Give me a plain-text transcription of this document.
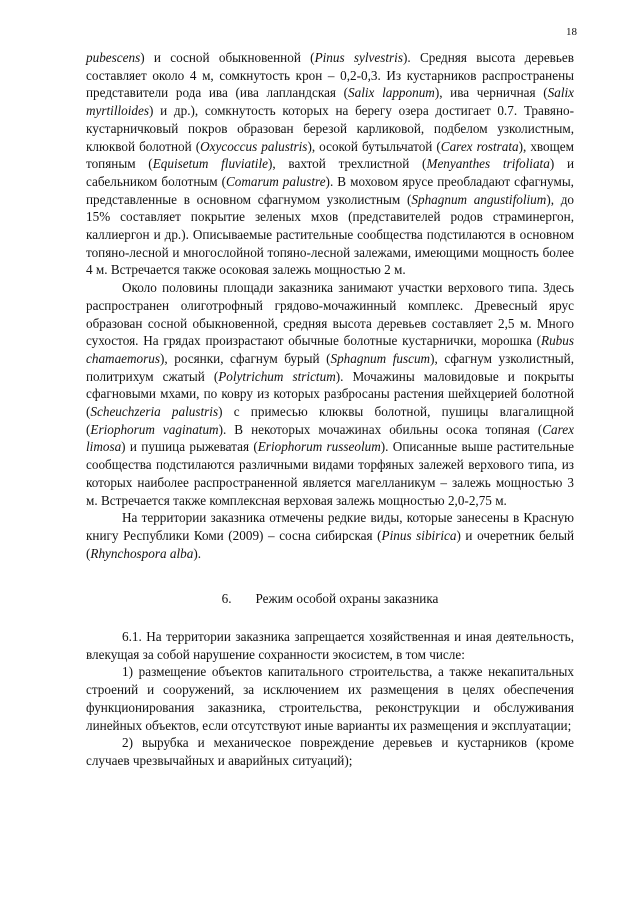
18

pubescens) и сосной обыкновенной (Pinus sylvestris). Средняя высота деревьев составляет около 4 м, сомкнутость крон – 0,2-0,3. Из кустарников распространены представители рода ива (ива лапландская (Salix lapponum), ива черничная (Salix myrtilloides) и др.), сомкнутость которых на берегу озера достигает 0.7. Травяно-кустарничковый покров образован березой карликовой, подбелом узколистным, клюквой болотной (Oxycoccus palustris), осокой бутыльчатой (Carex rostrata), хвощем топяным (Equisetum fluviatile), вахтой трехлистной (Menyanthes trifoliata) и сабельником болотным (Comarum palustre). В моховом ярусе преобладают сфагнумы, представленные в основном сфагнумом узколистным (Sphagnum angustifolium), до 15% составляет покрытие зеленых мхов (представителей родов страминергон, каллиергон и др.). Описываемые растительные сообщества подстилаются в основном топяно-лесной и многослойной топяно-лесной залежами, имеющими мощность более 4 м. Встречается также осоковая залежь мощностью 2 м.

Около половины площади заказника занимают участки верхового типа. Здесь распространен олиготрофный грядово-мочажинный комплекс. Древесный ярус образован сосной обыкновенной, средняя высота деревьев составляет 2,5 м. Много сухостоя. На грядах произрастают обычные болотные кустарнички, морошка (Rubus chamaemorus), росянки, сфагнум бурый (Sphagnum fuscum), сфагнум узколистный, политрихум сжатый (Polytrichum strictum). Мочажины маловидовые и покрыты сфагновыми мхами, по ковру из которых разбросаны растения шейхцерией болотной (Scheuchzeria palustris) с примесью клюквы болотной, пушицы влагалищной (Eriophorum vaginatum). В некоторых мочажинах обильны осока топяная (Carex limosa) и пушица рыжеватая (Eriophorum russeolum). Описанные выше растительные сообщества подстилаются различными видами торфяных залежей верхового типа, из которых наиболее распространенной является магелланикум – залежь мощностью 3 м. Встречается также комплексная верховая залежь мощностью 2,0-2,75 м.

На территории заказника отмечены редкие виды, которые занесены в Красную книгу Республики Коми (2009) – сосна сибирская (Pinus sibirica) и очеретник белый (Rhynchospora alba).

6. Режим особой охраны заказника

6.1. На территории заказника запрещается хозяйственная и иная деятельность, влекущая за собой нарушение сохранности экосистем, в том числе:

1) размещение объектов капитального строительства, а также некапитальных строений и сооружений, за исключением их размещения в целях обеспечения функционирования заказника, строительства, реконструкции и обслуживания линейных объектов, если отсутствуют иные варианты их размещения и эксплуатации;

2) вырубка и механическое повреждение деревьев и кустарников (кроме случаев чрезвычайных и аварийных ситуаций);
